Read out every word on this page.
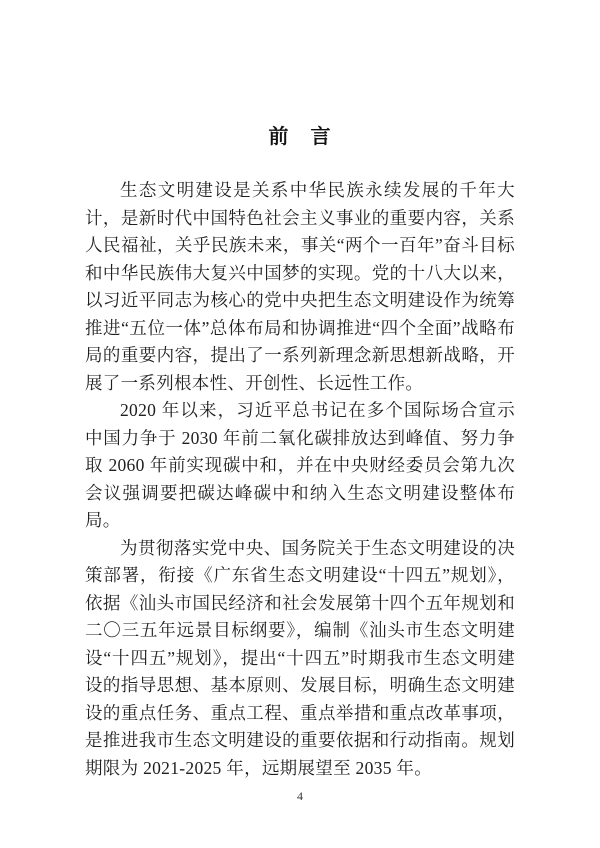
前　言

生态文明建设是关系中华民族永续发展的千年大计，是新时代中国特色社会主义事业的重要内容，关系人民福祉，关乎民族未来，事关“两个一百年”奋斗目标和中华民族伟大复兴中国梦的实现。党的十八大以来，以习近平同志为核心的党中央把生态文明建设作为统筹推进“五位一体”总体布局和协调推进“四个全面”战略布局的重要内容，提出了一系列新理念新思想新战略，开展了一系列根本性、开创性、长远性工作。

2020 年以来，习近平总书记在多个国际场合宣示中国力争于 2030 年前二氧化碳排放达到峰值、努力争取 2060 年前实现碳中和，并在中央财经委员会第九次会议强调要把碳达峰碳中和纳入生态文明建设整体布局。

为贯彻落实党中央、国务院关于生态文明建设的决策部署，衔接《广东省生态文明建设“十四五”规划》，依据《汕头市国民经济和社会发展第十四个五年规划和二〇三五年远景目标纲要》，编制《汕头市生态文明建设“十四五”规划》，提出“十四五”时期我市生态文明建设的指导思想、基本原则、发展目标，明确生态文明建设的重点任务、重点工程、重点举措和重点改革事项，是推进我市生态文明建设的重要依据和行动指南。规划期限为 2021-2025 年，远期展望至 2035 年。

4
